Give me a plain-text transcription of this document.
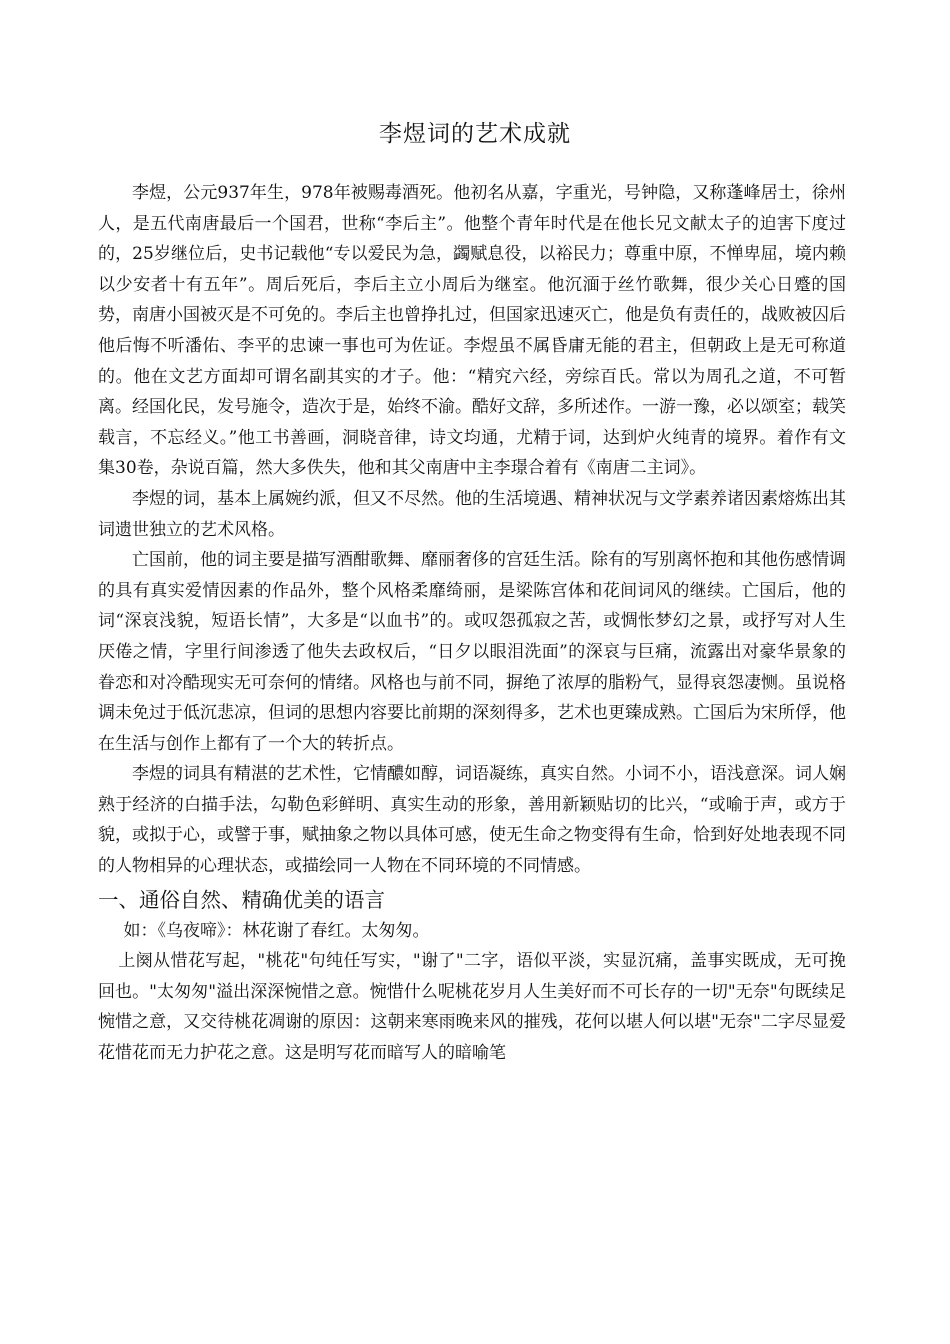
李煜词的艺术成就

李煜，公元937年生，978年被赐毒酒死。他初名从嘉，字重光，号钟隐，又称蓬峰居士，徐州人，是五代南唐最后一个国君，世称“李后主”。他整个青年时代是在他长兄文献太子的迫害下度过的，25岁继位后，史书记载他“专以爱民为急，蠲赋息役，以裕民力；尊重中原，不惮卑屈，境内赖以少安者十有五年”。周后死后，李后主立小周后为继室。他沉湎于丝竹歌舞，很少关心日蹙的国势，南唐小国被灭是不可免的。李后主也曾挣扎过，但国家迅速灭亡，他是负有责任的，战败被囚后他后悔不听潘佑、李平的忠谏一事也可为佐证。李煜虽不属昏庸无能的君主，但朝政上是无可称道的。他在文艺方面却可谓名副其实的才子。他：“精究六经，旁综百氏。常以为周孔之道，不可暂离。经国化民，发号施令，造次于是，始终不渝。酷好文辞，多所述作。一游一豫，必以颂室；载笑载言，不忘经义。”他工书善画，洞晓音律，诗文均通，尤精于词，达到炉火纯青的境界。着作有文集30卷，杂说百篇，然大多佚失，他和其父南唐中主李璟合着有《南唐二主词》。

李煜的词，基本上属婉约派，但又不尽然。他的生活境遇、精神状况与文学素养诸因素熔炼出其词遗世独立的艺术风格。

亡国前，他的词主要是描写酒酣歌舞、靡丽奢侈的宫廷生活。除有的写别离怀抱和其他伤感情调的具有真实爱情因素的作品外，整个风格柔靡绮丽，是梁陈宫体和花间词风的继续。亡国后，他的词“深哀浅貌，短语长情”，大多是“以血书”的。或叹怨孤寂之苦，或惆怅梦幻之景，或抒写对人生厌倦之情，字里行间渗透了他失去政权后，“日夕以眼泪洗面”的深哀与巨痛，流露出对豪华景象的眷恋和对冷酷现实无可奈何的情绪。风格也与前不同，摒绝了浓厚的脂粉气，显得哀怨凄恻。虽说格调未免过于低沉悲凉，但词的思想内容要比前期的深刻得多，艺术也更臻成熟。亡国后为宋所俘，他在生活与创作上都有了一个大的转折点。

李煜的词具有精湛的艺术性，它情醲如醇，词语凝练，真实自然。小词不小，语浅意深。词人娴熟于经济的白描手法，勾勒色彩鲜明、真实生动的形象，善用新颖贴切的比兴，“或喻于声，或方于貌，或拟于心，或譬于事，赋抽象之物以具体可感，使无生命之物变得有生命，恰到好处地表现不同的人物相异的心理状态，或描绘同一人物在不同环境的不同情感。

一、通俗自然、精确优美的语言

如：《乌夜啼》：林花谢了春红。太匆匆。

上阕从惜花写起，"桃花"句纯任写实，"谢了"二字，语似平淡，实显沉痛，盖事实既成，无可挽回也。"太匆匆"溢出深深惋惜之意。惋惜什么呢桃花岁月人生美好而不可长存的一切"无奈"句既续足惋惜之意，又交待桃花凋谢的原因：这朝来寒雨晚来风的摧残，花何以堪人何以堪"无奈"二字尽显爱花惜花而无力护花之意。这是明写花而暗写人的暗喻笔
